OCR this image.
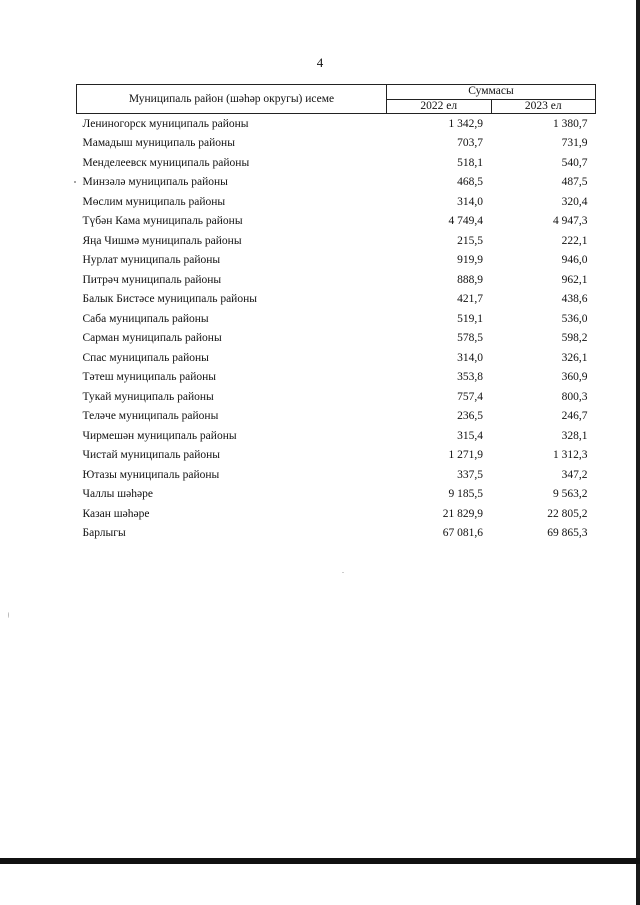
4
Муниципаль район (шәһәр округы) исеме	Суммасы	
	2022 ел	2023 ел
Лениногорск муниципаль районы	1 342,9	1 380,7
Мамадыш муниципаль районы	703,7	731,9
Менделеевск муниципаль районы	518,1	540,7
Минзәлә муниципаль районы	468,5	487,5
Мөслим муниципаль районы	314,0	320,4
Түбән Кама муниципаль районы	4 749,4	4 947,3
Яңа Чишмә муниципаль районы	215,5	222,1
Нурлат муниципаль районы	919,9	946,0
Питрәч муниципаль районы	888,9	962,1
Балык Бистәсе муниципаль районы	421,7	438,6
Саба муниципаль районы	519,1	536,0
Сарман муниципаль районы	578,5	598,2
Спас муниципаль районы	314,0	326,1
Тәтеш муниципаль районы	353,8	360,9
Тукай муниципаль районы	757,4	800,3
Теләче муниципаль районы	236,5	246,7
Чирмешән муниципаль районы	315,4	328,1
Чистай муниципаль районы	1 271,9	1 312,3
Ютазы муниципаль районы	337,5	347,2
Чаллы шәһәре	9 185,5	9 563,2
Казан шәһәре	21 829,9	22 805,2
Барлыгы	67 081,6	69 865,3
